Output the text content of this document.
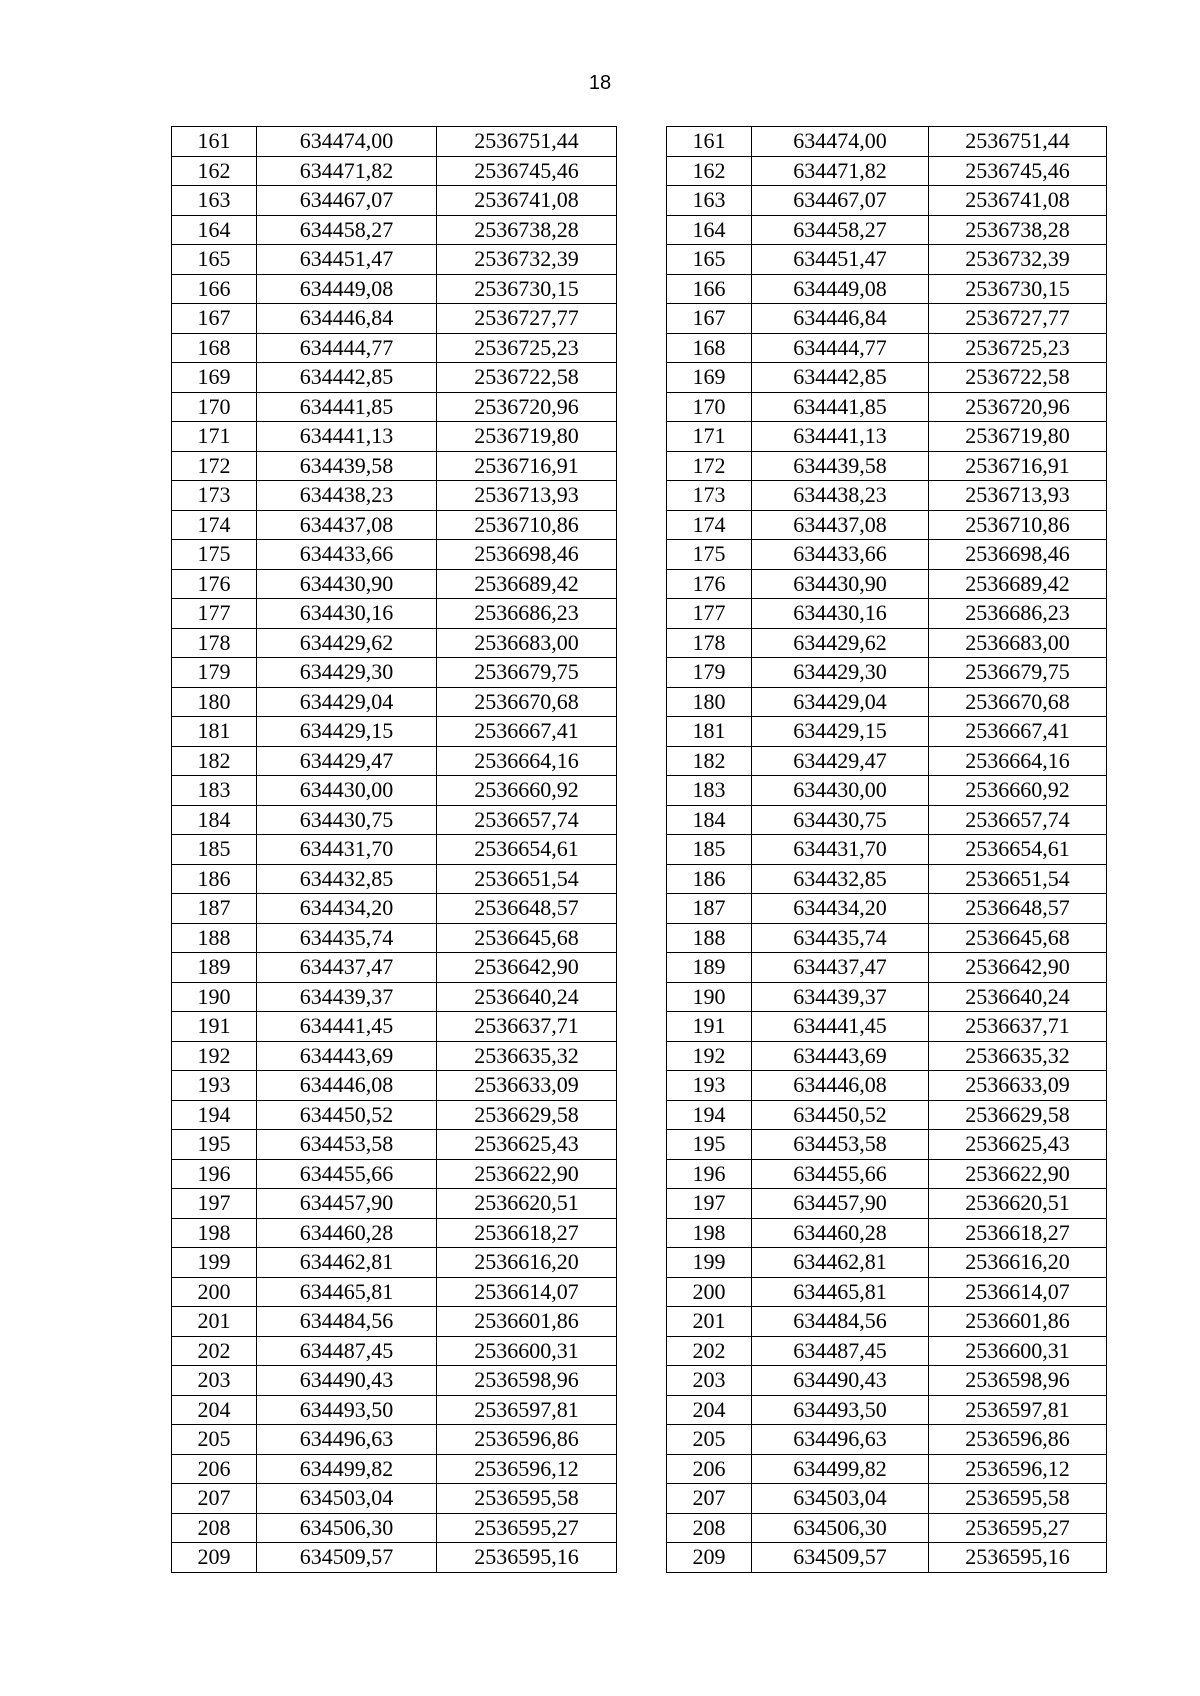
18
161	634474,00	2536751,44		161	634474,00	2536751,44
162	634471,82	2536745,46		162	634471,82	2536745,46
163	634467,07	2536741,08		163	634467,07	2536741,08
164	634458,27	2536738,28		164	634458,27	2536738,28
165	634451,47	2536732,39		165	634451,47	2536732,39
166	634449,08	2536730,15		166	634449,08	2536730,15
167	634446,84	2536727,77		167	634446,84	2536727,77
168	634444,77	2536725,23		168	634444,77	2536725,23
169	634442,85	2536722,58		169	634442,85	2536722,58
170	634441,85	2536720,96		170	634441,85	2536720,96
171	634441,13	2536719,80		171	634441,13	2536719,80
172	634439,58	2536716,91		172	634439,58	2536716,91
173	634438,23	2536713,93		173	634438,23	2536713,93
174	634437,08	2536710,86		174	634437,08	2536710,86
175	634433,66	2536698,46		175	634433,66	2536698,46
176	634430,90	2536689,42		176	634430,90	2536689,42
177	634430,16	2536686,23		177	634430,16	2536686,23
178	634429,62	2536683,00		178	634429,62	2536683,00
179	634429,30	2536679,75		179	634429,30	2536679,75
180	634429,04	2536670,68		180	634429,04	2536670,68
181	634429,15	2536667,41		181	634429,15	2536667,41
182	634429,47	2536664,16		182	634429,47	2536664,16
183	634430,00	2536660,92		183	634430,00	2536660,92
184	634430,75	2536657,74		184	634430,75	2536657,74
185	634431,70	2536654,61		185	634431,70	2536654,61
186	634432,85	2536651,54		186	634432,85	2536651,54
187	634434,20	2536648,57		187	634434,20	2536648,57
188	634435,74	2536645,68		188	634435,74	2536645,68
189	634437,47	2536642,90		189	634437,47	2536642,90
190	634439,37	2536640,24		190	634439,37	2536640,24
191	634441,45	2536637,71		191	634441,45	2536637,71
192	634443,69	2536635,32		192	634443,69	2536635,32
193	634446,08	2536633,09		193	634446,08	2536633,09
194	634450,52	2536629,58		194	634450,52	2536629,58
195	634453,58	2536625,43		195	634453,58	2536625,43
196	634455,66	2536622,90		196	634455,66	2536622,90
197	634457,90	2536620,51		197	634457,90	2536620,51
198	634460,28	2536618,27		198	634460,28	2536618,27
199	634462,81	2536616,20		199	634462,81	2536616,20
200	634465,81	2536614,07		200	634465,81	2536614,07
201	634484,56	2536601,86		201	634484,56	2536601,86
202	634487,45	2536600,31		202	634487,45	2536600,31
203	634490,43	2536598,96		203	634490,43	2536598,96
204	634493,50	2536597,81		204	634493,50	2536597,81
205	634496,63	2536596,86		205	634496,63	2536596,86
206	634499,82	2536596,12		206	634499,82	2536596,12
207	634503,04	2536595,58		207	634503,04	2536595,58
208	634506,30	2536595,27		208	634506,30	2536595,27
209	634509,57	2536595,16		209	634509,57	2536595,16
